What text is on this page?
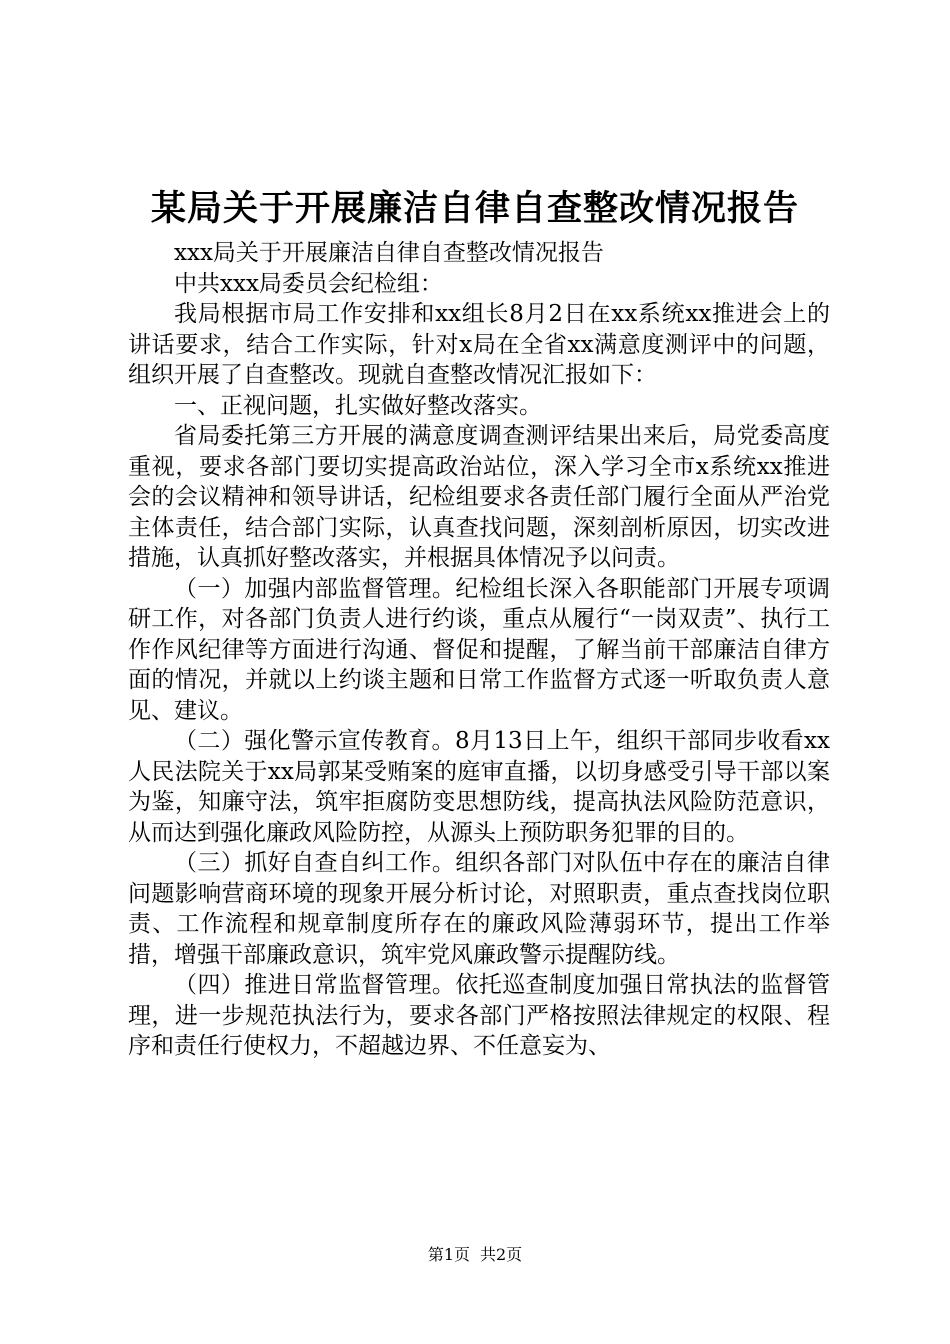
某局关于开展廉洁自律自查整改情况报告

xxx局关于开展廉洁自律自查整改情况报告

中共xxx局委员会纪检组：

我局根据市局工作安排和xx组长8月2日在xx系统xx推进会上的讲话要求，结合工作实际，针对x局在全省xx满意度测评中的问题，组织开展了自查整改。现就自查整改情况汇报如下：

一、正视问题，扎实做好整改落实。

省局委托第三方开展的满意度调查测评结果出来后，局党委高度重视，要求各部门要切实提高政治站位，深入学习全市x系统xx推进会的会议精神和领导讲话，纪检组要求各责任部门履行全面从严治党主体责任，结合部门实际，认真查找问题，深刻剖析原因，切实改进措施，认真抓好整改落实，并根据具体情况予以问责。

（一）加强内部监督管理。纪检组长深入各职能部门开展专项调研工作，对各部门负责人进行约谈，重点从履行“一岗双责”、执行工作作风纪律等方面进行沟通、督促和提醒，了解当前干部廉洁自律方面的情况，并就以上约谈主题和日常工作监督方式逐一听取负责人意见、建议。

（二）强化警示宣传教育。8月13日上午，组织干部同步收看xx人民法院关于xx局郭某受贿案的庭审直播，以切身感受引导干部以案为鉴，知廉守法，筑牢拒腐防变思想防线，提高执法风险防范意识，从而达到强化廉政风险防控，从源头上预防职务犯罪的目的。

（三）抓好自查自纠工作。组织各部门对队伍中存在的廉洁自律问题影响营商环境的现象开展分析讨论，对照职责，重点查找岗位职责、工作流程和规章制度所存在的廉政风险薄弱环节，提出工作举措，增强干部廉政意识，筑牢党风廉政警示提醒防线。

（四）推进日常监督管理。依托巡查制度加强日常执法的监督管理，进一步规范执法行为，要求各部门严格按照法律规定的权限、程序和责任行使权力，不超越边界、不任意妄为、

第1页 共2页
